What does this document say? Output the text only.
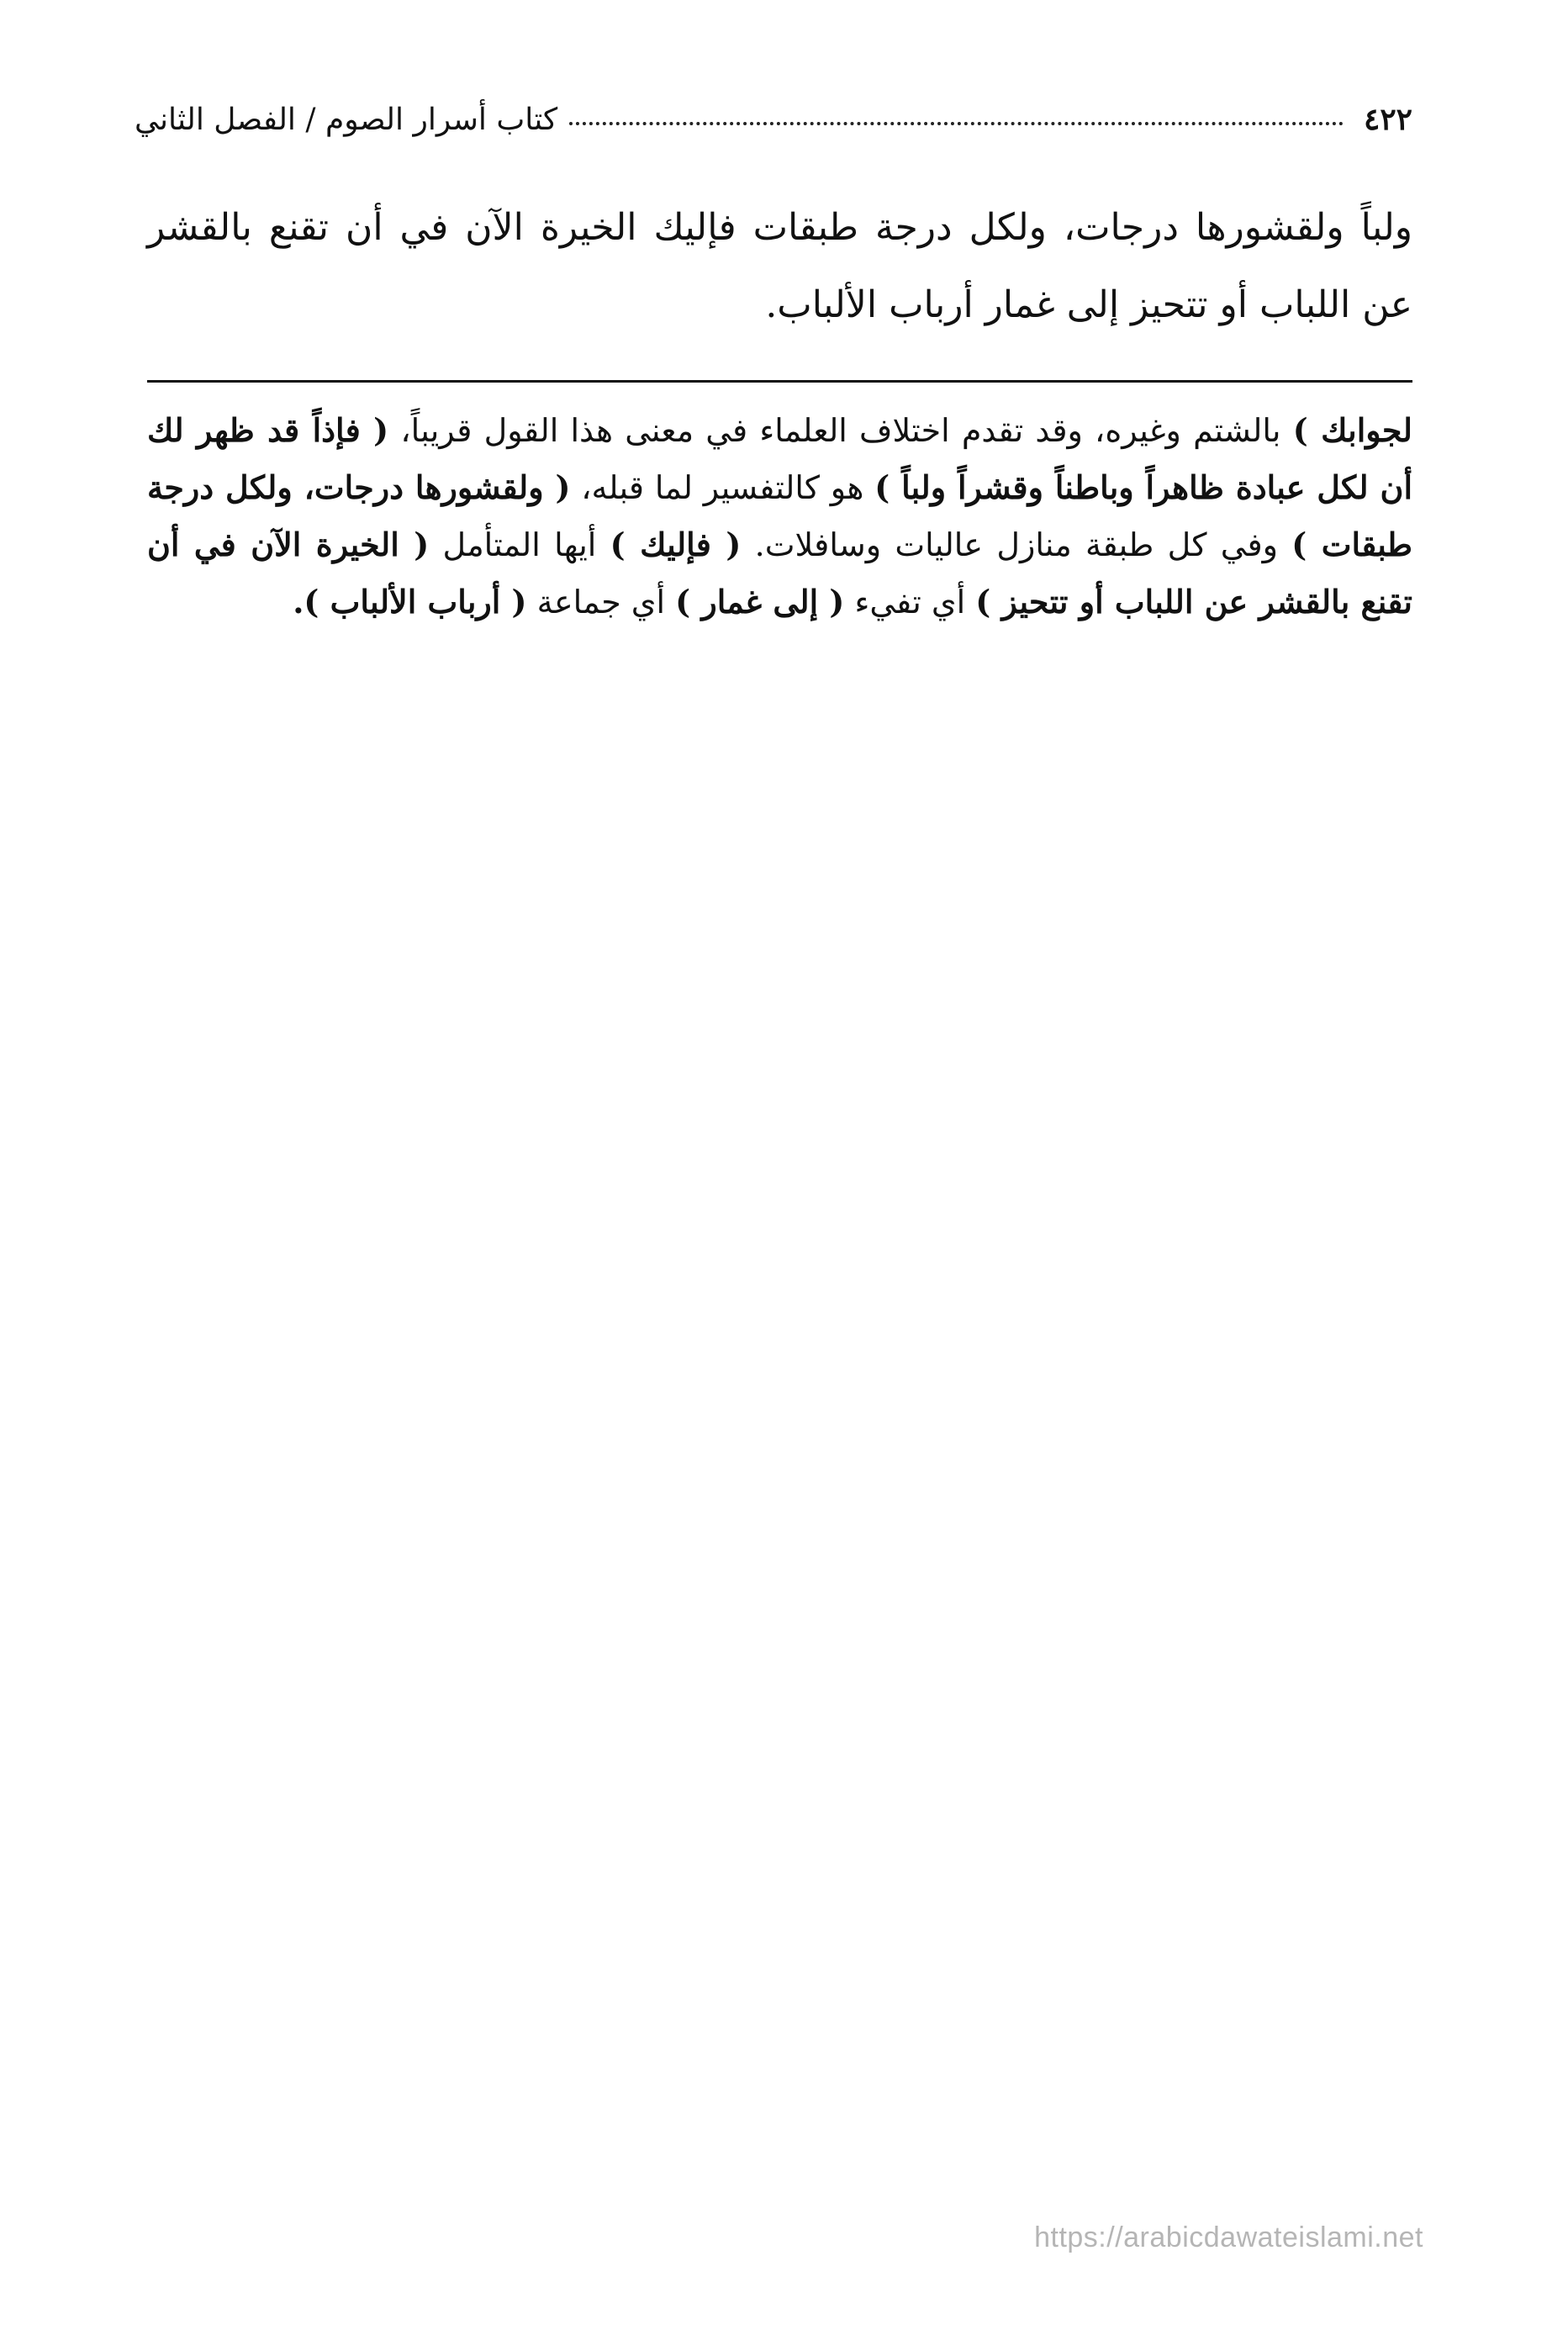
٤٢٢
كتاب أسرار الصوم / الفصل الثاني

ولباً ولقشورها درجات، ولكل درجة طبقات فإليك الخيرة الآن في أن تقنع بالقشر عن اللباب أو تتحيز إلى غمار أرباب الألباب.

لجوابك ) بالشتم وغيره، وقد تقدم اختلاف العلماء في معنى هذا القول قريباً، ( فإذاً قد ظهر لك أن لكل عبادة ظاهراً وباطناً وقشراً ولباً ) هو كالتفسير لما قبله، ( ولقشورها درجات، ولكل درجة طبقات ) وفي كل طبقة منازل عاليات وسافلات. ( فإليك ) أيها المتأمل ( الخيرة الآن في أن تقنع بالقشر عن اللباب أو تتحيز ) أي تفيء ( إلى غمار ) أي جماعة ( أرباب الألباب ).

https://arabicdawateislami.net
